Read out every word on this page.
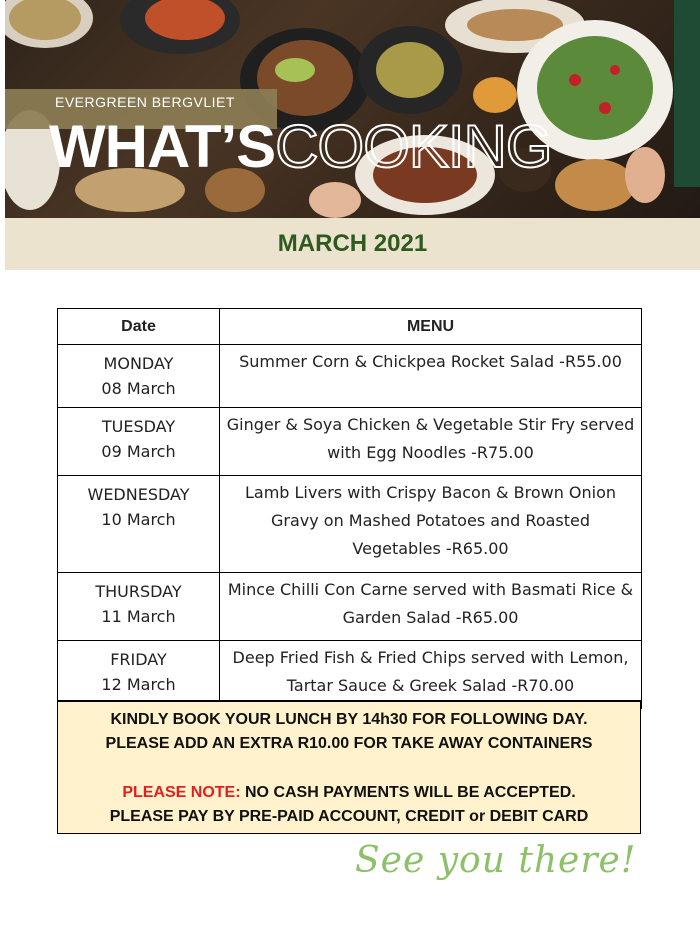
EVERGREEN BERGVLIET
WHAT’SCOOKING
MARCH 2021
Date	MENU
MONDAY
08 March	Summer Corn & Chickpea Rocket Salad -R55.00
TUESDAY
09 March	Ginger & Soya Chicken & Vegetable Stir Fry served with Egg Noodles -R75.00
WEDNESDAY
10 March	Lamb Livers with Crispy Bacon & Brown Onion Gravy on Mashed Potatoes and Roasted Vegetables -R65.00
THURSDAY
11 March	Mince Chilli Con Carne served with Basmati Rice & Garden Salad -R65.00
FRIDAY
12 March	Deep Fried Fish & Fried Chips served with Lemon, Tartar Sauce & Greek Salad -R70.00
KINDLY BOOK YOUR LUNCH BY 14h30 FOR FOLLOWING DAY.
PLEASE ADD AN EXTRA R10.00 FOR TAKE AWAY CONTAINERS
PLEASE NOTE: NO CASH PAYMENTS WILL BE ACCEPTED.
PLEASE PAY BY PRE-PAID ACCOUNT, CREDIT or DEBIT CARD
See you there!
